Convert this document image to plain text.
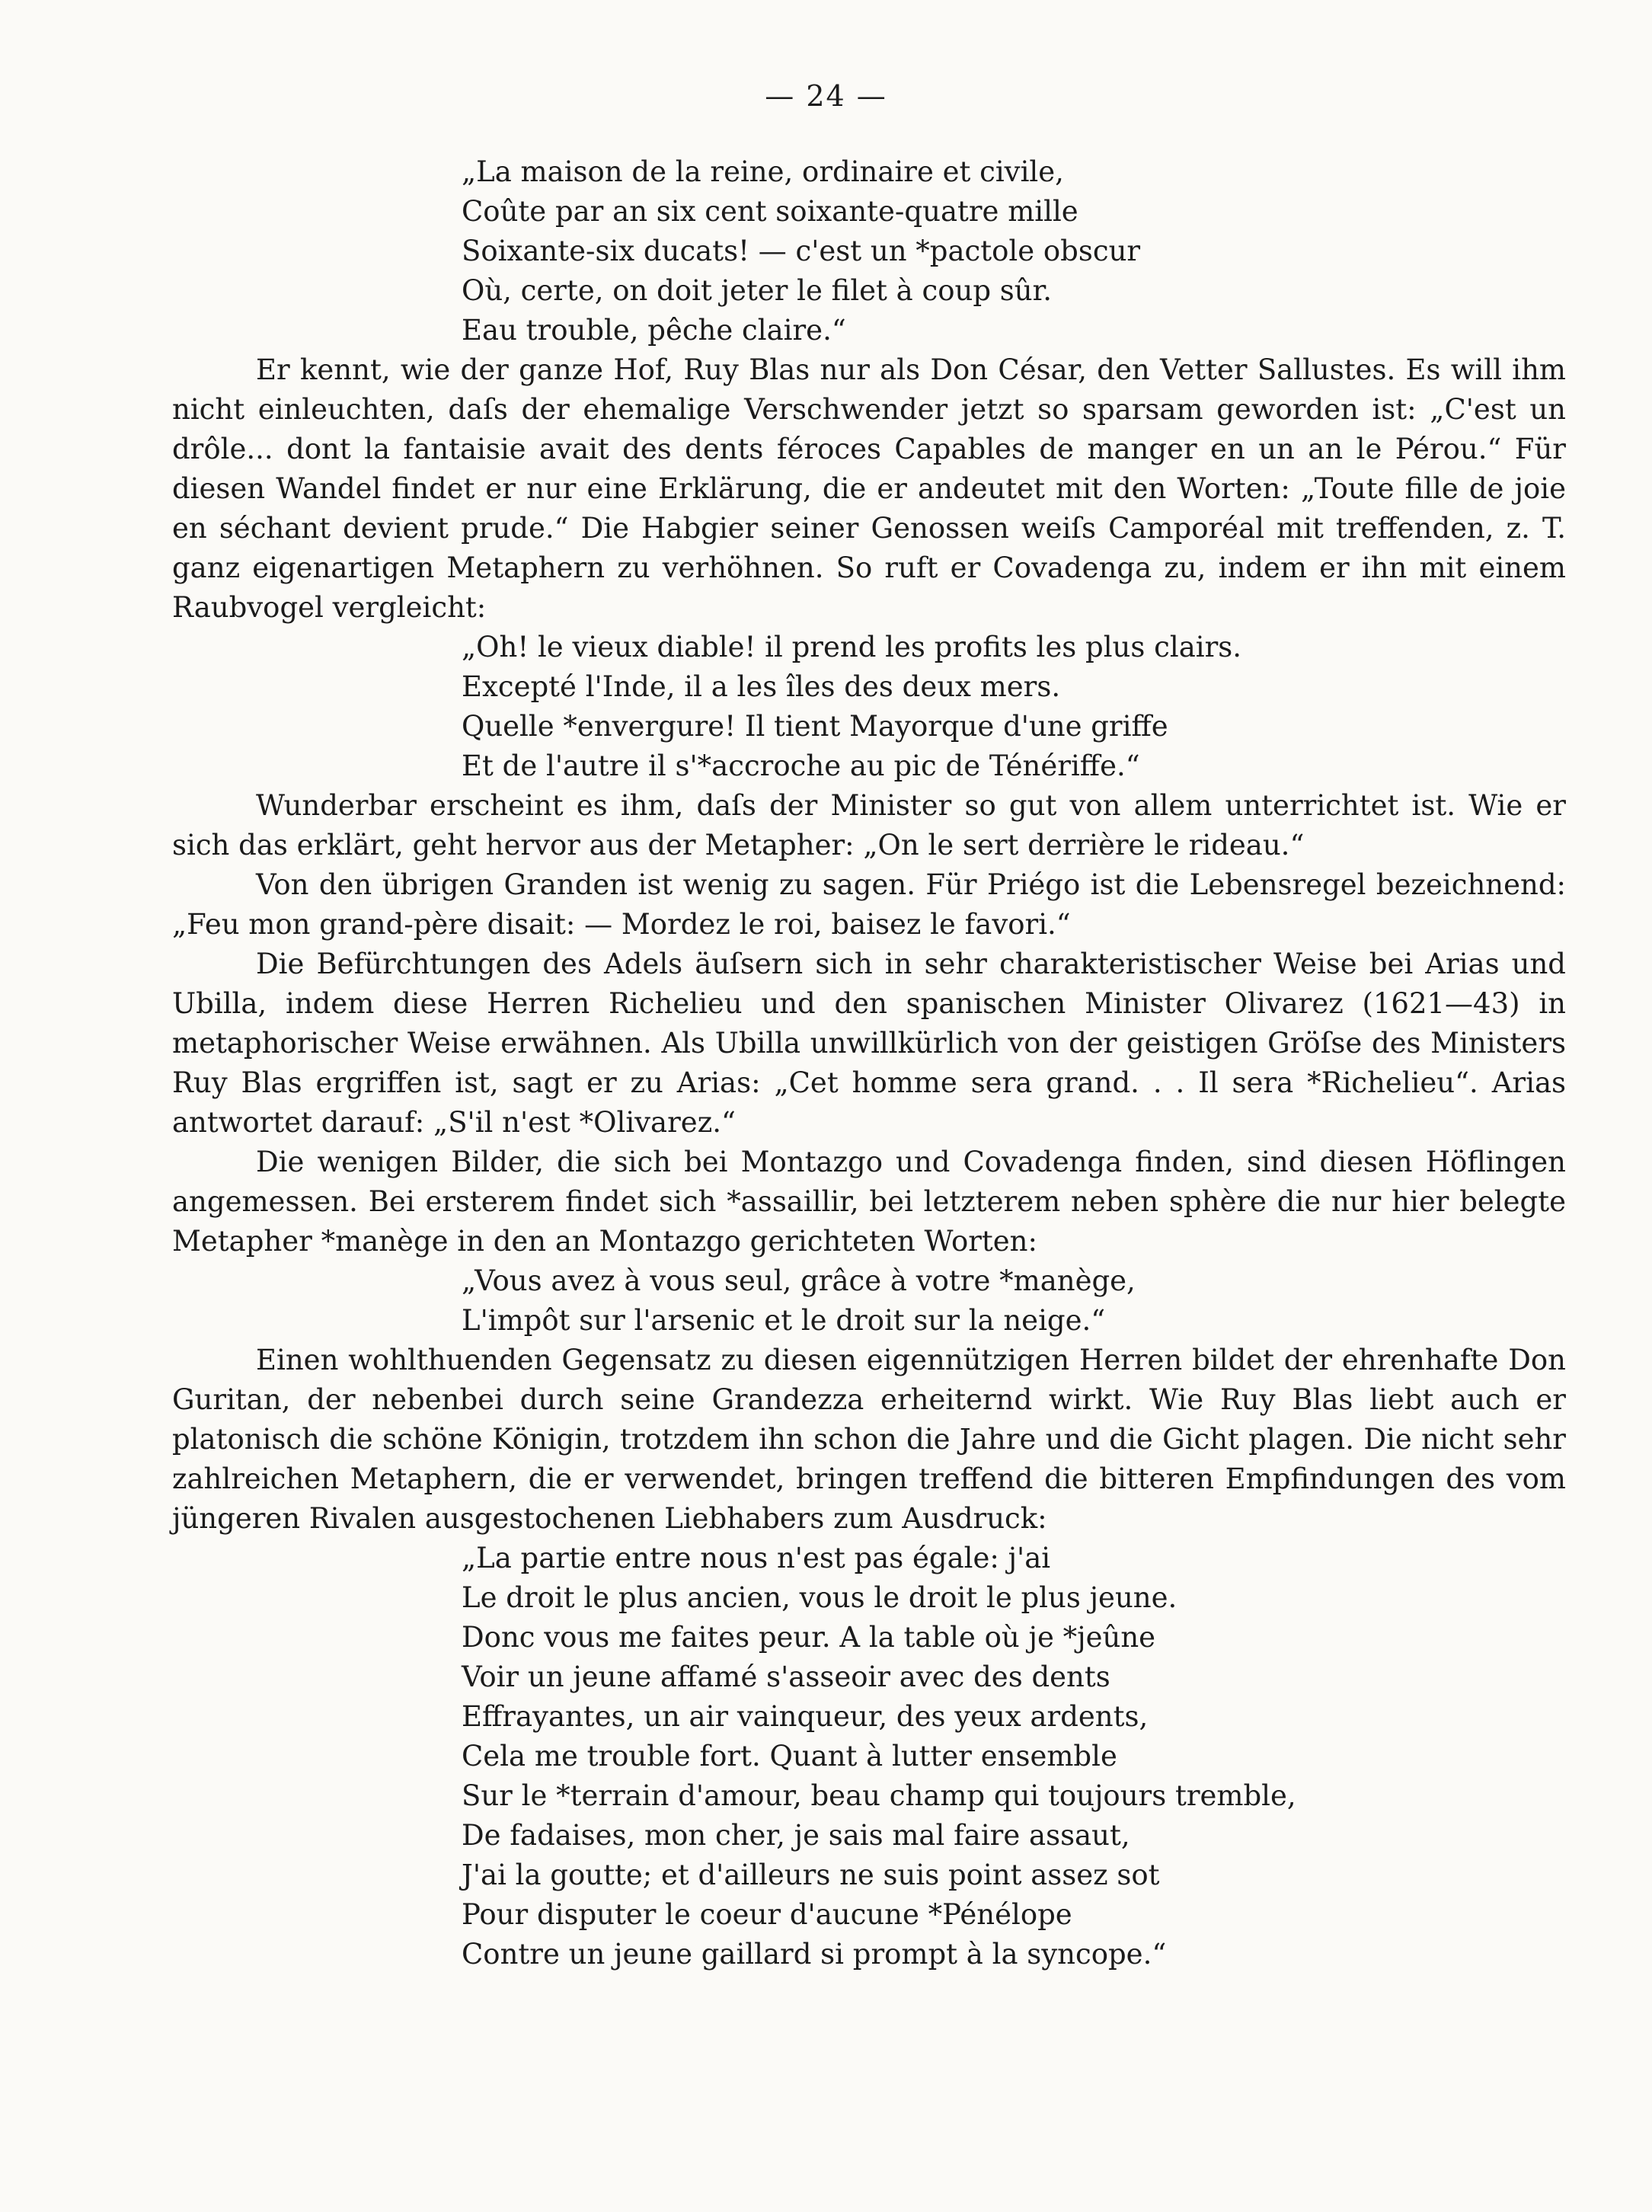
— 24 —
„La maison de la reine, ordinaire et civile,
Coûte par an six cent soixante-quatre mille
Soixante-six ducats! — c'est un *pactole obscur
Où, certe, on doit jeter le filet à coup sûr.
Eau trouble, pêche claire.“

Er kennt, wie der ganze Hof, Ruy Blas nur als Don César, den Vetter Sallustes. Es will ihm nicht einleuchten, daſs der ehemalige Verschwender jetzt so sparsam geworden ist: „C'est un drôle... dont la fantaisie avait des dents féroces Capables de manger en un an le Pérou.“ Für diesen Wandel findet er nur eine Erklärung, die er andeutet mit den Worten: „Toute fille de joie en séchant devient prude.“ Die Habgier seiner Genossen weiſs Camporéal mit treffenden, z. T. ganz eigenartigen Metaphern zu verhöhnen. So ruft er Covadenga zu, indem er ihn mit einem Raubvogel vergleicht:

„Oh! le vieux diable! il prend les profits les plus clairs.
Excepté l'Inde, il a les îles des deux mers.
Quelle *envergure! Il tient Mayorque d'une griffe
Et de l'autre il s'*accroche au pic de Ténériffe.“

Wunderbar erscheint es ihm, daſs der Minister so gut von allem unterrichtet ist. Wie er sich das erklärt, geht hervor aus der Metapher: „On le sert derrière le rideau.“

Von den übrigen Granden ist wenig zu sagen. Für Priégo ist die Lebensregel bezeichnend: „Feu mon grand-père disait: — Mordez le roi, baisez le favori.“

Die Befürchtungen des Adels äuſsern sich in sehr charakteristischer Weise bei Arias und Ubilla, indem diese Herren Richelieu und den spanischen Minister Olivarez (1621—43) in metaphorischer Weise erwähnen. Als Ubilla unwillkürlich von der geistigen Gröſse des Ministers Ruy Blas ergriffen ist, sagt er zu Arias: „Cet homme sera grand. . . Il sera *Richelieu“. Arias antwortet darauf: „S'il n'est *Olivarez.“

Die wenigen Bilder, die sich bei Montazgo und Covadenga finden, sind diesen Höflingen angemessen. Bei ersterem findet sich *assaillir, bei letzterem neben sphère die nur hier belegte Metapher *manège in den an Montazgo gerichteten Worten:

„Vous avez à vous seul, grâce à votre *manège,
L'impôt sur l'arsenic et le droit sur la neige.“

Einen wohlthuenden Gegensatz zu diesen eigennützigen Herren bildet der ehrenhafte Don Guritan, der nebenbei durch seine Grandezza erheiternd wirkt. Wie Ruy Blas liebt auch er platonisch die schöne Königin, trotzdem ihn schon die Jahre und die Gicht plagen. Die nicht sehr zahlreichen Metaphern, die er verwendet, bringen treffend die bitteren Empfindungen des vom jüngeren Rivalen ausgestochenen Liebhabers zum Ausdruck:

„La partie entre nous n'est pas égale: j'ai
Le droit le plus ancien, vous le droit le plus jeune.
Donc vous me faites peur. A la table où je *jeûne
Voir un jeune affamé s'asseoir avec des dents
Effrayantes, un air vainqueur, des yeux ardents,
Cela me trouble fort. Quant à lutter ensemble
Sur le *terrain d'amour, beau champ qui toujours tremble,
De fadaises, mon cher, je sais mal faire assaut,
J'ai la goutte; et d'ailleurs ne suis point assez sot
Pour disputer le coeur d'aucune *Pénélope
Contre un jeune gaillard si prompt à la syncope.“
